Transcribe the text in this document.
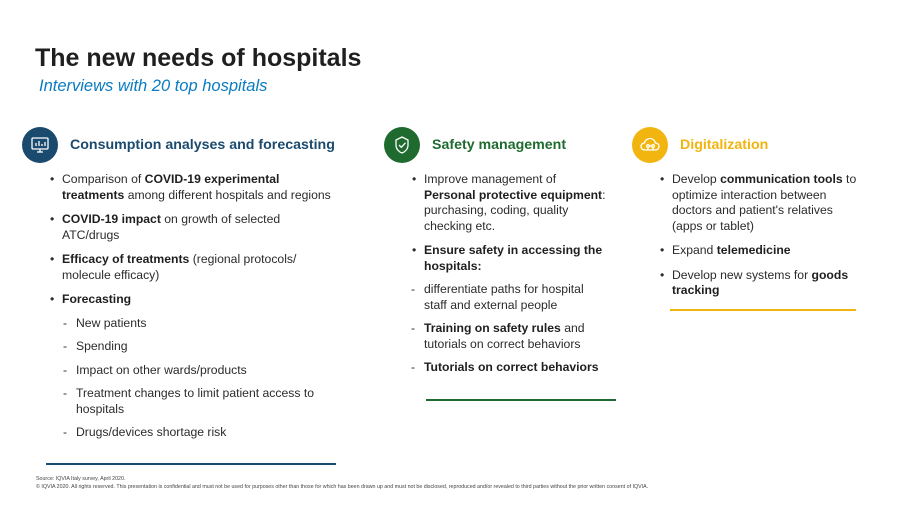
The new needs of hospitals
Interviews with 20 top hospitals
Consumption analyses and forecasting
• Comparison of COVID-19 experimental treatments among different hospitals and regions
• COVID-19 impact on growth of selected ATC/drugs
• Efficacy of treatments (regional protocols/ molecule efficacy)
• Forecasting
- New patients
- Spending
- Impact on other wards/products
- Treatment changes to limit patient access to hospitals
- Drugs/devices shortage risk
Safety management
• Improve management of Personal protective equipment: purchasing, coding, quality checking etc.
• Ensure safety in accessing the hospitals:
- differentiate paths for hospital staff and external people
- Training on safety rules and tutorials on correct behaviors
- Tutorials on correct behaviors
Digitalization
• Develop communication tools to optimize interaction between doctors and patient's relatives (apps or tablet)
• Expand telemedicine
• Develop new systems for goods tracking
Source: IQVIA Italy survey, April 2020.
© IQVIA 2020. All rights reserved. This presentation is confidential and must not be used for purposes other than those for which has been drawn up and must not be disclosed, reproduced and/or revealed to third parties without the prior written consent of IQVIA.
